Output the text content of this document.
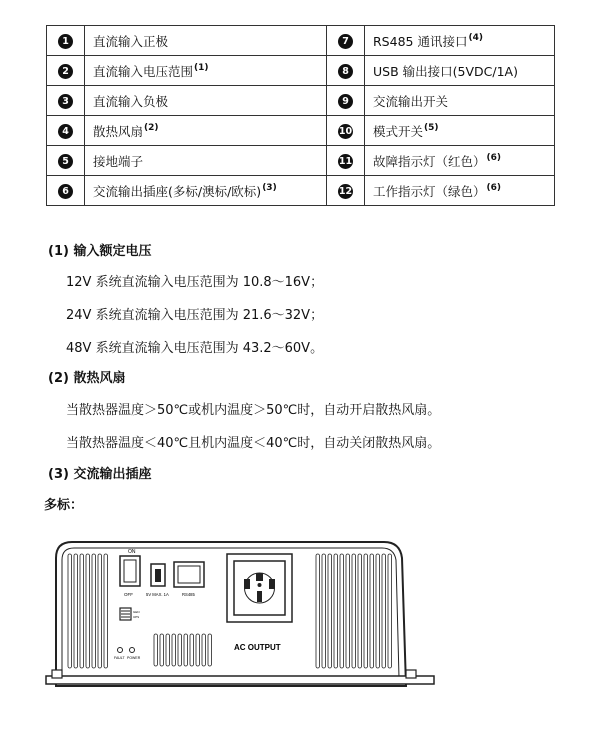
1	直流输入正极	7	RS485 通讯接口$^{(4)}$
2	直流输入电压范围$^{(1)}$	8	USB 输出接口(5VDC/1A)
3	直流输入负极	9	交流输出开关
4	散热风扇$^{(2)}$	10	模式开关$^{(5)}$
5	接地端子	11	故障指示灯（红色）$^{(6)}$
6	交流输出插座(多标/澳标/欧标)$^{(3)}$	12	工作指示灯（绿色）$^{(6)}$
(1) 输入额定电压
12V 系统直流输入电压范围为 10.8～16V；
24V 系统直流输入电压范围为 21.6～32V；
48V 系统直流输入电压范围为 43.2～60V。
(2) 散热风扇
当散热器温度＞50℃或机内温度＞50℃时，自动开启散热风扇。
当散热器温度＜40℃且机内温度＜40℃时，自动关闭散热风扇。
(3) 交流输出插座
多标：
ON
OFF	5V MAX. 1A	RS485
GEN
UPS
FAULT POWER
AC OUTPUT
